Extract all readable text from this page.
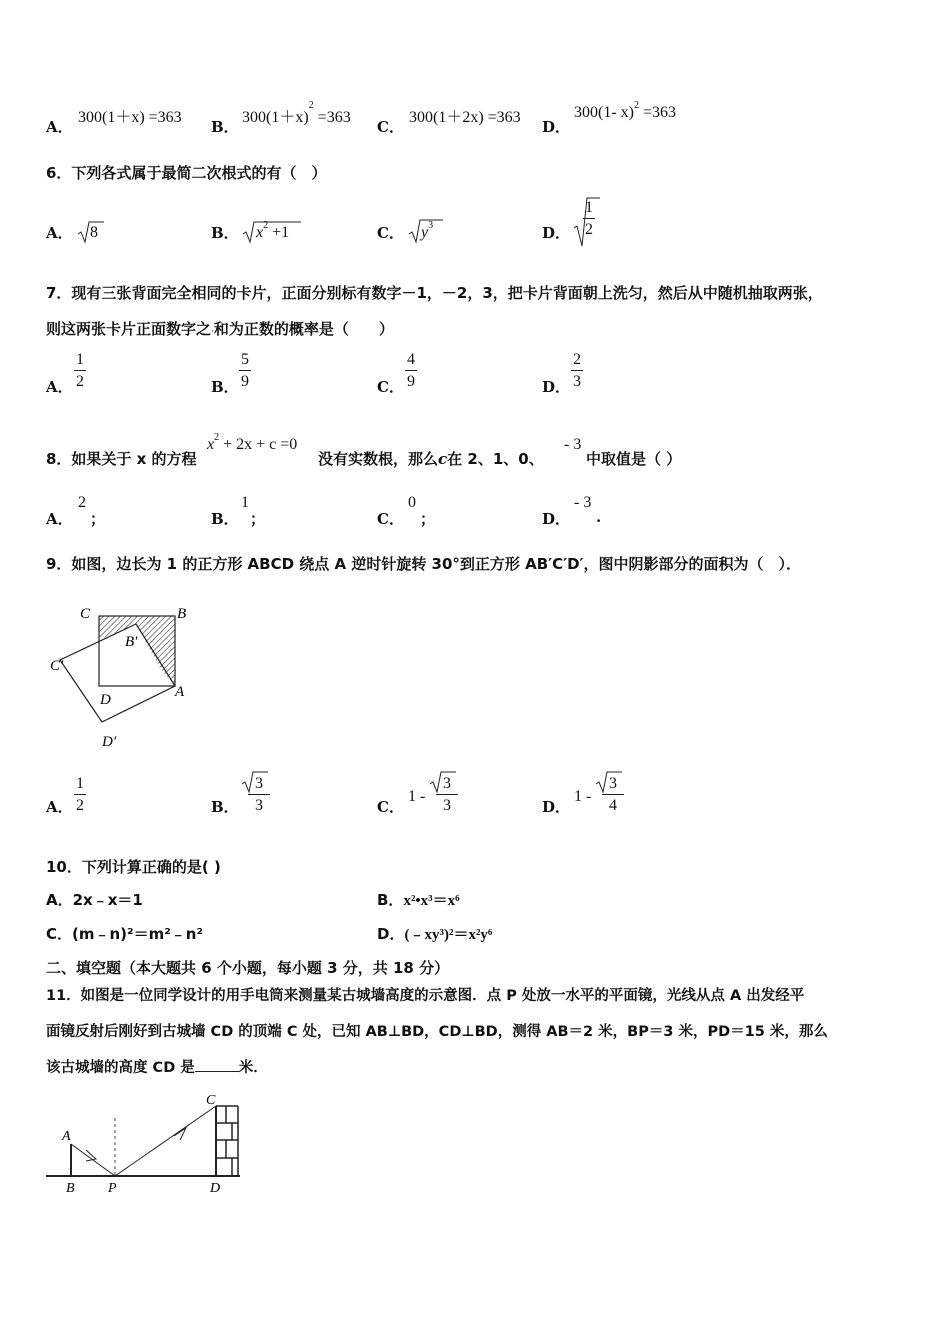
A．
300(1＋x) =363
B．
$300(1+x)^2 =363$
C．
300(1＋2x) =363
D．
300(1- x)$^2$ =363
6．下列各式属于最简二次根式的有（　）
A． 8	B． $x^2 +1$	C． $y^3$	D． $\frac{1}{2}$
7．现有三张背面完全相同的卡片，正面分别标有数字－1，－2，3，把卡片背面朝上洗匀，然后从中随机抽取两张，
则这两张卡片正面数字之·和为正数的概率是（　　）
A． $\frac{1}{2}$	B． $\frac{5}{9}$	C． $\frac{4}{9}$	D． $\frac{2}{3}$
8．如果关于 x 的方程
$x^2 + 2x + c =0$
没有实数根，那么c在 2、1、0、
- 3
中取值是（ ）
A．
2
；	B．
1
；	C．
0
；	D．
- 3
.
9．如图，边长为 1 的正方形 ABCD 绕点 A 逆时针旋转 30°到正方形 AB′C′D′，图中阴影部分的面积为（　）．
C	B
B′
C′
D	A
D′
A． $\frac{1}{2}$	B． $\frac{3}{3}$	C．
$1 - \frac{3}{3}$	D．
$1 - \frac{3}{4}$
10．下列计算正确的是( )
A．2x﹣x＝1	B．x²•x³＝x⁶
C．(m﹣n)²＝m²﹣n²	D．(﹣xy³)²＝x²y⁶
二、填空题（本大题共 6 个小题，每小题 3 分，共 18 分）
11．如图是一位同学设计的用手电筒来测量某古城墙高度的示意图．点 P 处放一水平的平面镜，光线从点 A 出发经平
面镜反射后刚好到古城墙 CD 的顶端 C 处，已知 AB⊥BD，CD⊥BD，测得 AB＝2 米，BP＝3 米，PD＝15 米，那么
该古城墙的高度 CD 是	米．
A
B P
C
D
